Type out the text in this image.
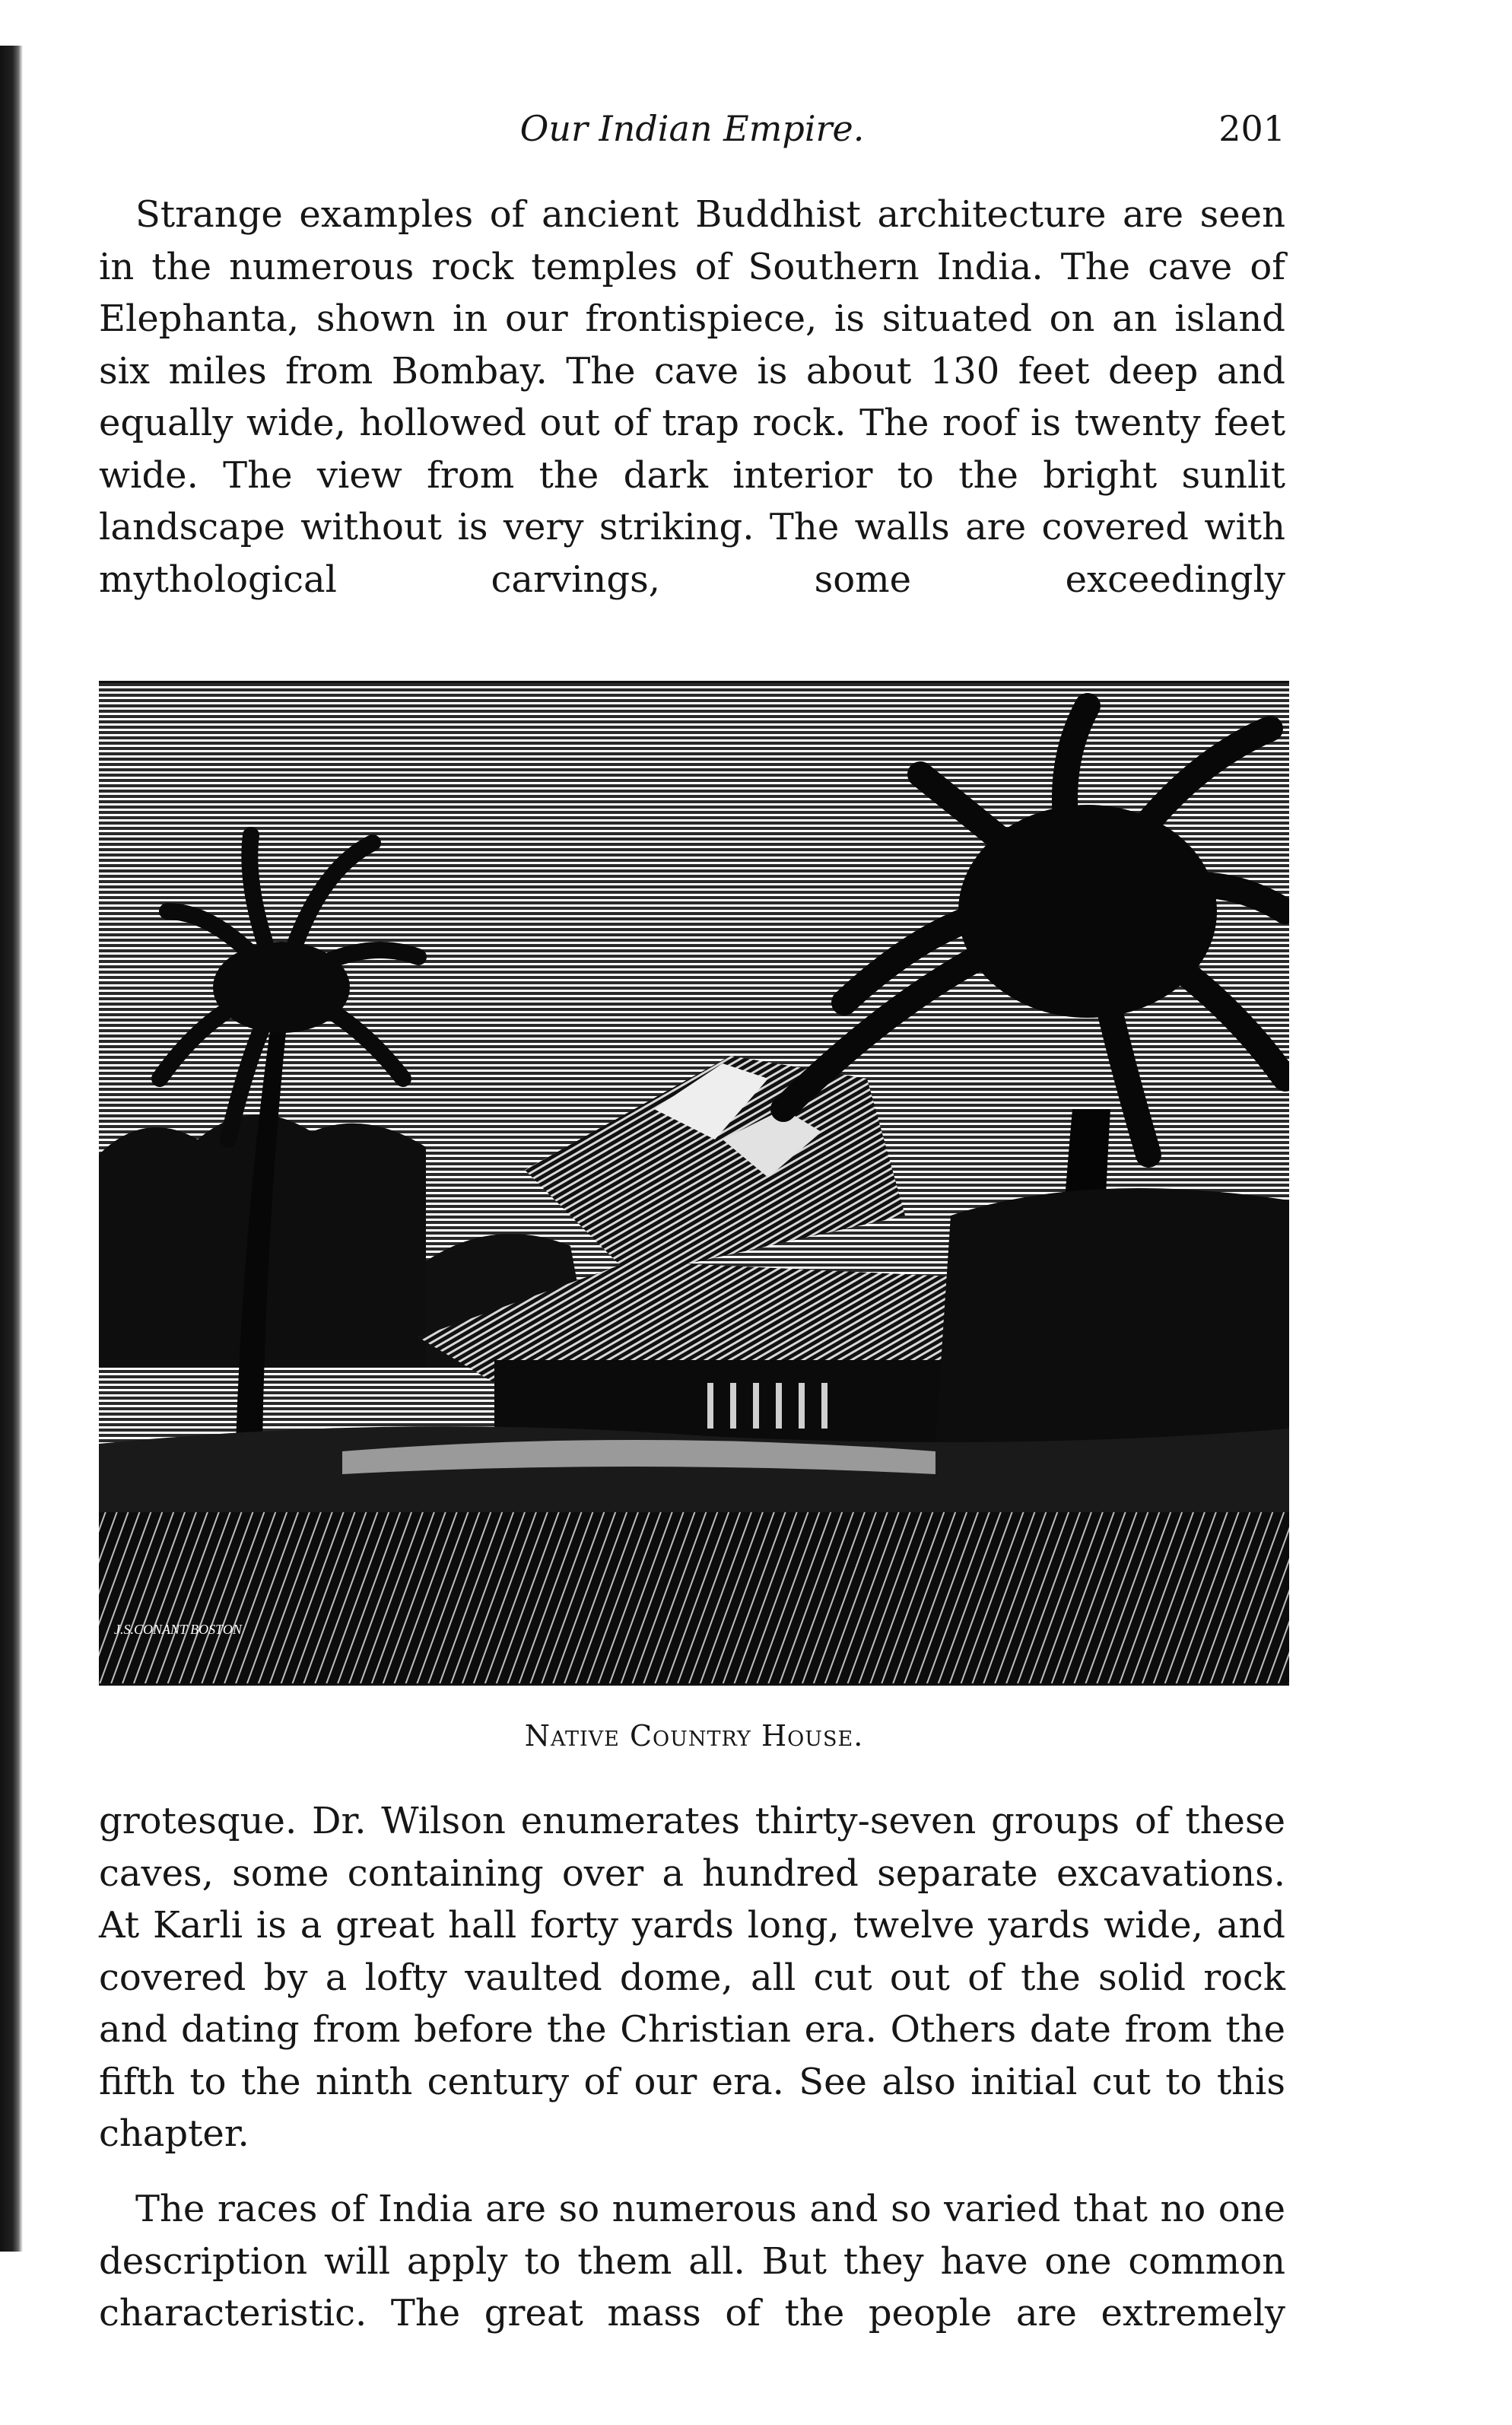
Our Indian Empire.	201

Strange examples of ancient Buddhist architecture are seen in the numerous rock temples of Southern India. The cave of Elephanta, shown in our frontispiece, is situated on an island six miles from Bombay. The cave is about 130 feet deep and equally wide, hollowed out of trap rock. The roof is twenty feet wide. The view from the dark interior to the bright sunlit landscape without is very striking. The walls are covered with mythological carvings, some exceedingly

J.S.CONANT BOSTON
Native Country House.

grotesque. Dr. Wilson enumerates thirty-seven groups of these caves, some containing over a hundred separate excavations. At Karli is a great hall forty yards long, twelve yards wide, and covered by a lofty vaulted dome, all cut out of the solid rock and dating from before the Christian era. Others date from the fifth to the ninth century of our era. See also initial cut to this chapter.

The races of India are so numerous and so varied that no one description will apply to them all. But they have one common characteristic. The great mass of the people are extremely
